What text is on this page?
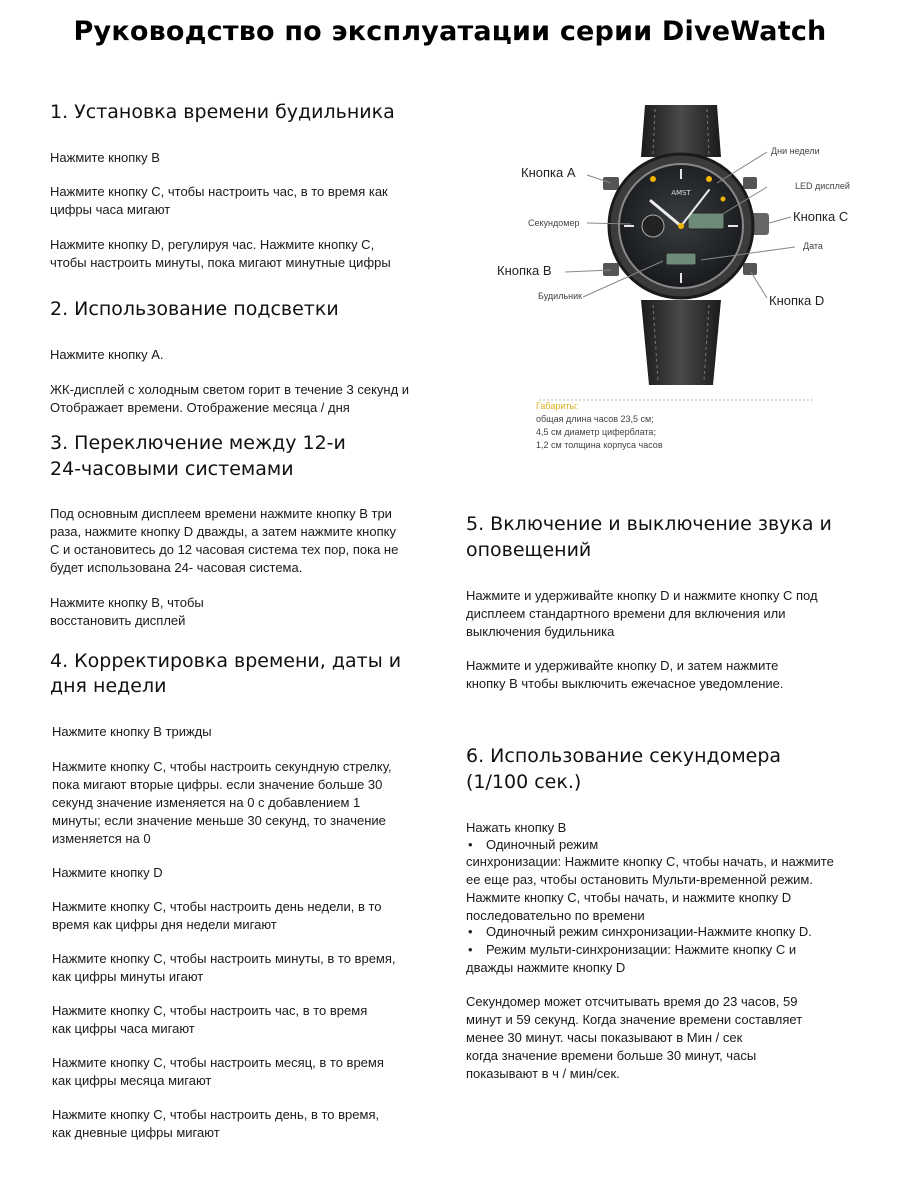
Руководство по эксплуатации серии DiveWatch
1. Установка времени будильника
Нажмите кнопку B
Нажмите кнопку C, чтобы настроить час, в то время как
цифры часа мигают
Нажмите кнопку D, регулируя час. Нажмите кнопку C,
чтобы настроить минуты, пока мигают минутные цифры
2. Использование подсветки
Нажмите кнопку A.
ЖК-дисплей с холодным светом горит в течение 3 секунд и
Отображает времени. Отображение месяца / дня
3. Переключение между 12-и
24-часовыми системами
Под основным дисплеем времени нажмите кнопку B три
раза, нажмите кнопку D дважды, а затем нажмите кнопку
C и остановитесь до 12 часовая система тех пор, пока не
будет использована 24- часовая система.
Нажмите кнопку B, чтобы
восстановить дисплей
4. Корректировка времени, даты и
дня недели
Нажмите кнопку B трижды
Нажмите кнопку C, чтобы настроить секундную стрелку,
пока мигают вторые цифры. если значение больше 30
секунд значение изменяется на 0 с добавлением 1
минуты; если значение меньше 30 секунд, то значение
изменяется на 0
Нажмите кнопку D
Нажмите кнопку C, чтобы настроить день недели, в то
время как цифры дня недели мигают
Нажмите кнопку C, чтобы настроить минуты, в то время,
как цифры минуты игают
Нажмите кнопку C, чтобы настроить час, в то время
как цифры часа мигают
Нажмите кнопку C, чтобы настроить месяц, в то время
как цифры месяца мигают
Нажмите кнопку C, чтобы настроить день, в то время,
как дневные цифры мигают
5. Включение и выключение звука и
оповещений
Нажмите и удерживайте кнопку D и нажмите кнопку C под
дисплеем стандартного времени для включения или
выключения будильника
Нажмите и удерживайте кнопку D, и затем нажмите
кнопку B чтобы выключить ежечасное уведомление.
6. Использование секундомера
(1/100 сек.)
Нажать кнопку B
• Одиночный режим
синхронизации: Нажмите кнопку C, чтобы начать, и нажмите
ее еще раз, чтобы остановить Мульти-временной режим.
Нажмите кнопку C, чтобы начать, и нажмите кнопку D
последовательно по времени
• Одиночный режим синхронизации-Нажмите кнопку D.
• Режим мульти-синхронизации: Нажмите кнопку C и
дважды нажмите кнопку D
Секундомер может отсчитывать время до 23 часов, 59
минут и 59 секунд. Когда значение времени составляет
менее 30 минут. часы показывают в Мин / сек
когда значение времени больше 30 минут, часы
показывают в ч / мин/сек.
AMST
Кнопка A
Кнопка B
Кнопка C
Кнопка D
Дни недели
LED дисплей
Секундомер
Дата
Будильник
Габариты:
общая длина часов 23,5 см;
4,5 см диаметр циферблата;
1,2 см толщина корпуса часов
